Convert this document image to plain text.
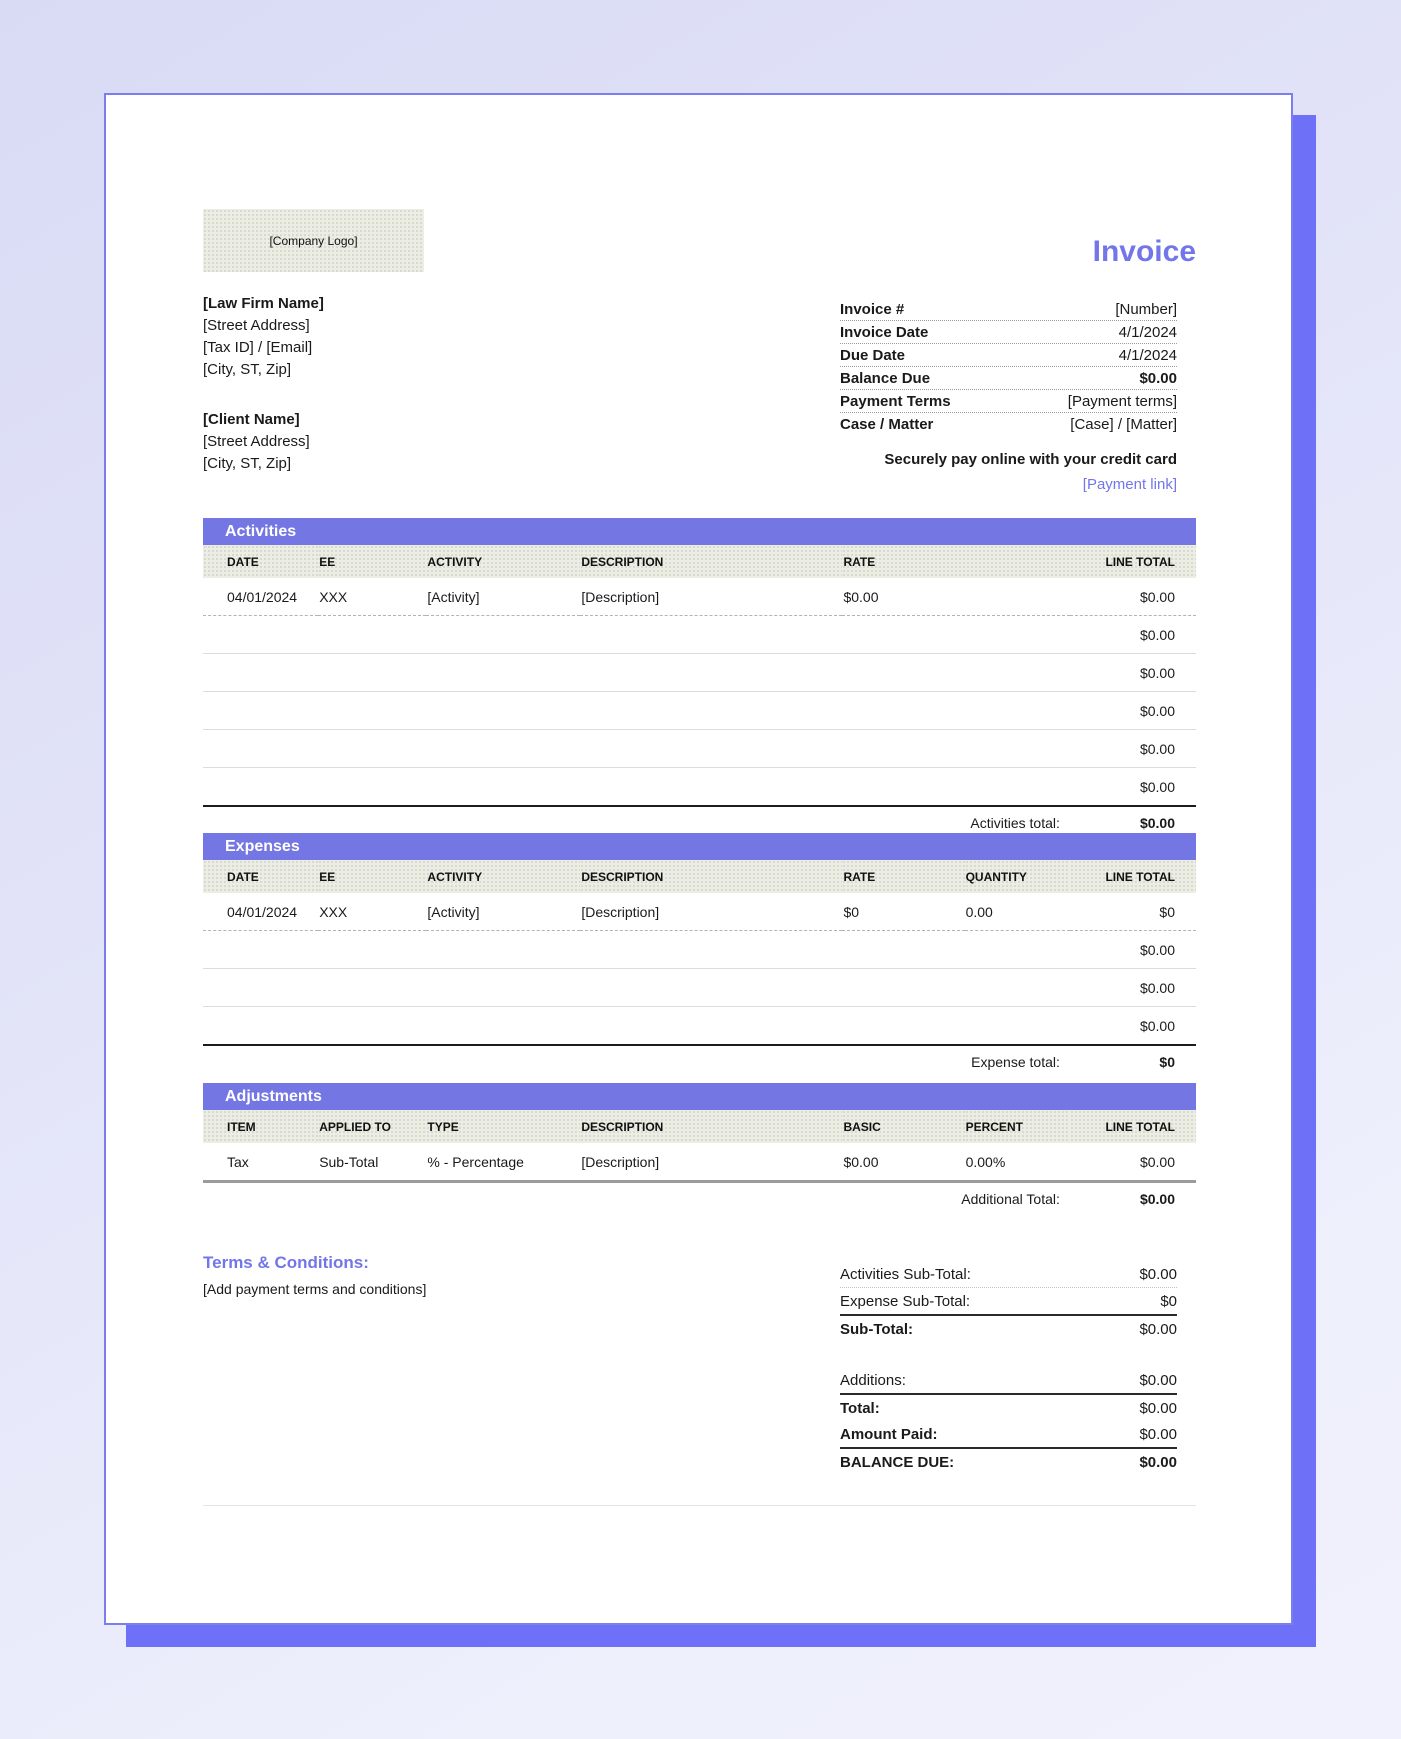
[Company Logo]
[Law Firm Name]
[Street Address]
[Tax ID] / [Email]
[City, ST, Zip]
[Client Name]
[Street Address]
[City, ST, Zip]
Invoice
Invoice #	[Number]
Invoice Date	4/1/2024
Due Date	4/1/2024
Balance Due	$0.00
Payment Terms	[Payment terms]
Case / Matter	[Case] / [Matter]
Securely pay online with your credit card
[Payment link]
Activities
DATE	EE	ACTIVITY	DESCRIPTION	RATE	LINE TOTAL
04/01/2024	XXX	[Activity]	[Description]	$0.00	$0.00
					$0.00
					$0.00
					$0.00
					$0.00
					$0.00
Activities total:	$0.00
Expenses
DATE	EE	ACTIVITY	DESCRIPTION	RATE	QUANTITY	LINE TOTAL
04/01/2024	XXX	[Activity]	[Description]	$0	0.00	$0
						$0.00
						$0.00
						$0.00
Expense total:	$0
Adjustments
ITEM	APPLIED TO	TYPE	DESCRIPTION	BASIC	PERCENT	LINE TOTAL
Tax	Sub-Total	% - Percentage	[Description]	$0.00	0.00%	$0.00
Additional Total:	$0.00
Terms & Conditions:

[Add payment terms and conditions]

Activities Sub-Total:	$0.00
Expense Sub-Total:	$0
Sub-Total:	$0.00
Additions:	$0.00
Total:	$0.00
Amount Paid:	$0.00
BALANCE DUE:	$0.00
